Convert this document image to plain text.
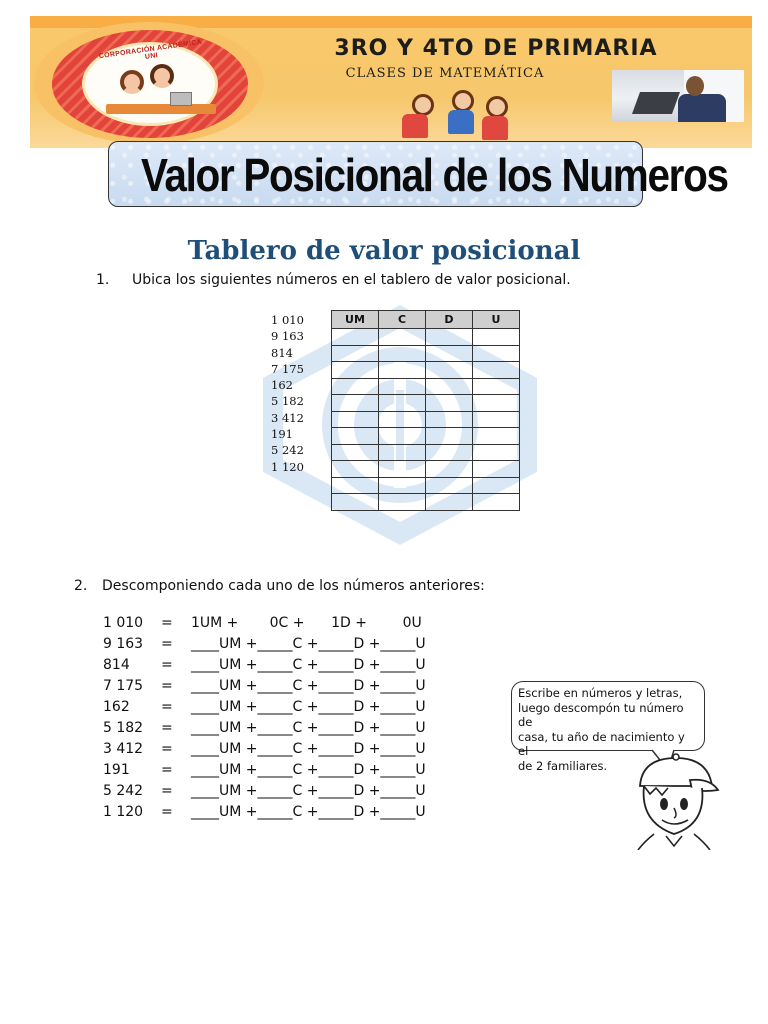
CORPORACIÓN ACADÉMICA UNI	3RO Y 4TO DE PRIMARIA
CLASES DE MATEMÁTICA
Valor Posicional de los Numeros
Tablero de valor posicional
1. Ubica los siguientes números en el tablero de valor posicional.
1 010
9 163
814
7 175
162
5 182
3 412
191
5 242
1 120
UM	C	D	U

2. Descomponiendo cada uno de los números anteriores:
1 010 = 1UM +       0C +      1D +        0U
9 163 = ____UM +_____C +_____D +_____U
814 = ____UM +_____C +_____D +_____U
7 175 = ____UM +_____C +_____D +_____U
162 = ____UM +_____C +_____D +_____U
5 182 = ____UM +_____C +_____D +_____U
3 412 = ____UM +_____C +_____D +_____U
191 = ____UM +_____C +_____D +_____U
5 242 = ____UM +_____C +_____D +_____U
1 120 = ____UM +_____C +_____D +_____U
Escribe en números y letras,
luego descompón tu número de
casa, tu año de nacimiento y el
de 2 familiares.
